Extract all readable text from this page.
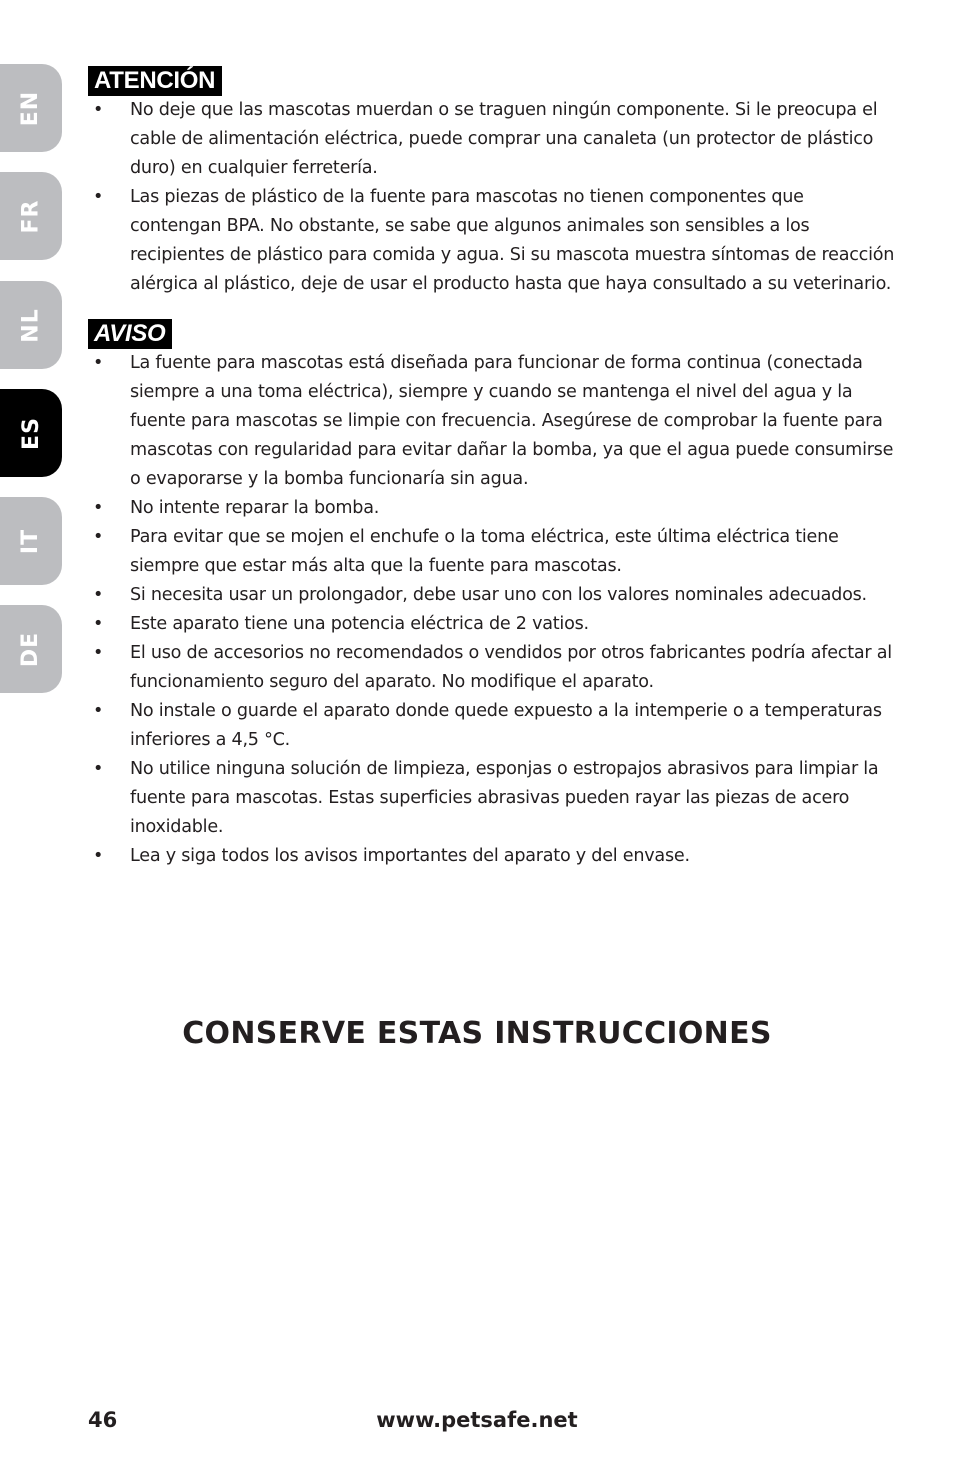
EN
FR
NL
ES
IT
DE
ATENCIÓN
• No deje que las mascotas muerdan o se traguen ningún componente. Si le preocupa el cable de alimentación eléctrica, puede comprar una canaleta (un protector de plástico duro) en cualquier ferretería.
• Las piezas de plástico de la fuente para mascotas no tienen componentes que contengan BPA. No obstante, se sabe que algunos animales son sensibles a los recipientes de plástico para comida y agua. Si su mascota muestra síntomas de reacción alérgica al plástico, deje de usar el producto hasta que haya consultado a su veterinario.
AVISO
• La fuente para mascotas está diseñada para funcionar de forma continua (conectada siempre a una toma eléctrica), siempre y cuando se mantenga el nivel del agua y la fuente para mascotas se limpie con frecuencia. Asegúrese de comprobar la fuente para mascotas con regularidad para evitar dañar la bomba, ya que el agua puede consumirse o evaporarse y la bomba funcionaría sin agua.
• No intente reparar la bomba.
• Para evitar que se mojen el enchufe o la toma eléctrica, este última eléctrica tiene siempre que estar más alta que la fuente para mascotas.
• Si necesita usar un prolongador, debe usar uno con los valores nominales adecuados.
• Este aparato tiene una potencia eléctrica de 2 vatios.
• El uso de accesorios no recomendados o vendidos por otros fabricantes podría afectar al funcionamiento seguro del aparato. No modifique el aparato.
• No instale o guarde el aparato donde quede expuesto a la intemperie o a temperaturas inferiores a 4,5 °C.
• No utilice ninguna solución de limpieza, esponjas o estropajos abrasivos para limpiar la fuente para mascotas. Estas superficies abrasivas pueden rayar las piezas de acero inoxidable.
• Lea y siga todos los avisos importantes del aparato y del envase.
CONSERVE ESTAS INSTRUCCIONES
46	www.petsafe.net
